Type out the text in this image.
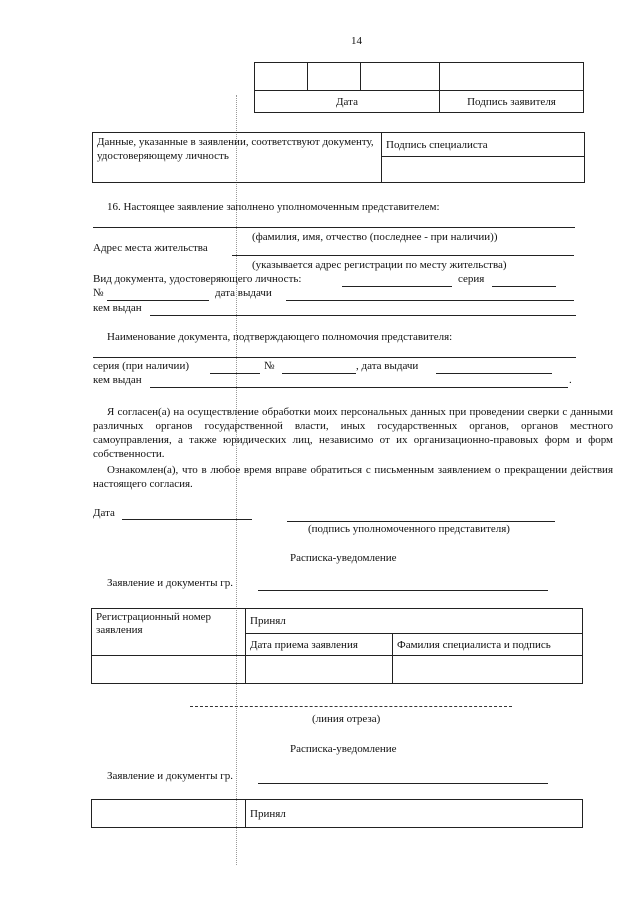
14

Дата			Подпись заявителя
Данные, указанные в заявлении, соответствуют документу, удостоверяющему личность	Подпись специалиста

16. Настоящее заявление заполнено уполномоченным представителем:
(фамилия, имя, отчество (последнее - при наличии))
Адрес места жительства
(указывается адрес регистрации по месту жительства)
Вид документа, удостоверяющего личность:	серия
№	дата выдачи
кем выдан
Наименование документа, подтверждающего полномочия представителя:
серия (при наличии)	№	, дата выдачи
кем выдан	.
Я согласен(а) на осуществление обработки моих персональных данных при проведении сверки с данными различных органов государственной власти, иных государственных органов, органов местного самоуправления, а также юридических лиц, независимо от их организационно-правовых форм и форм собственности.
Ознакомлен(а), что в любое время вправе обратиться с письменным заявлением о прекращении действия настоящего согласия.
Дата
(подпись уполномоченного представителя)
Расписка-уведомление
Заявление и документы гр.
Регистрационный номер заявления	Принял	
	Дата приема заявления	Фамилия специалиста и подпись

(линия отреза)
Расписка-уведомление
Заявление и документы гр.
	Принял
